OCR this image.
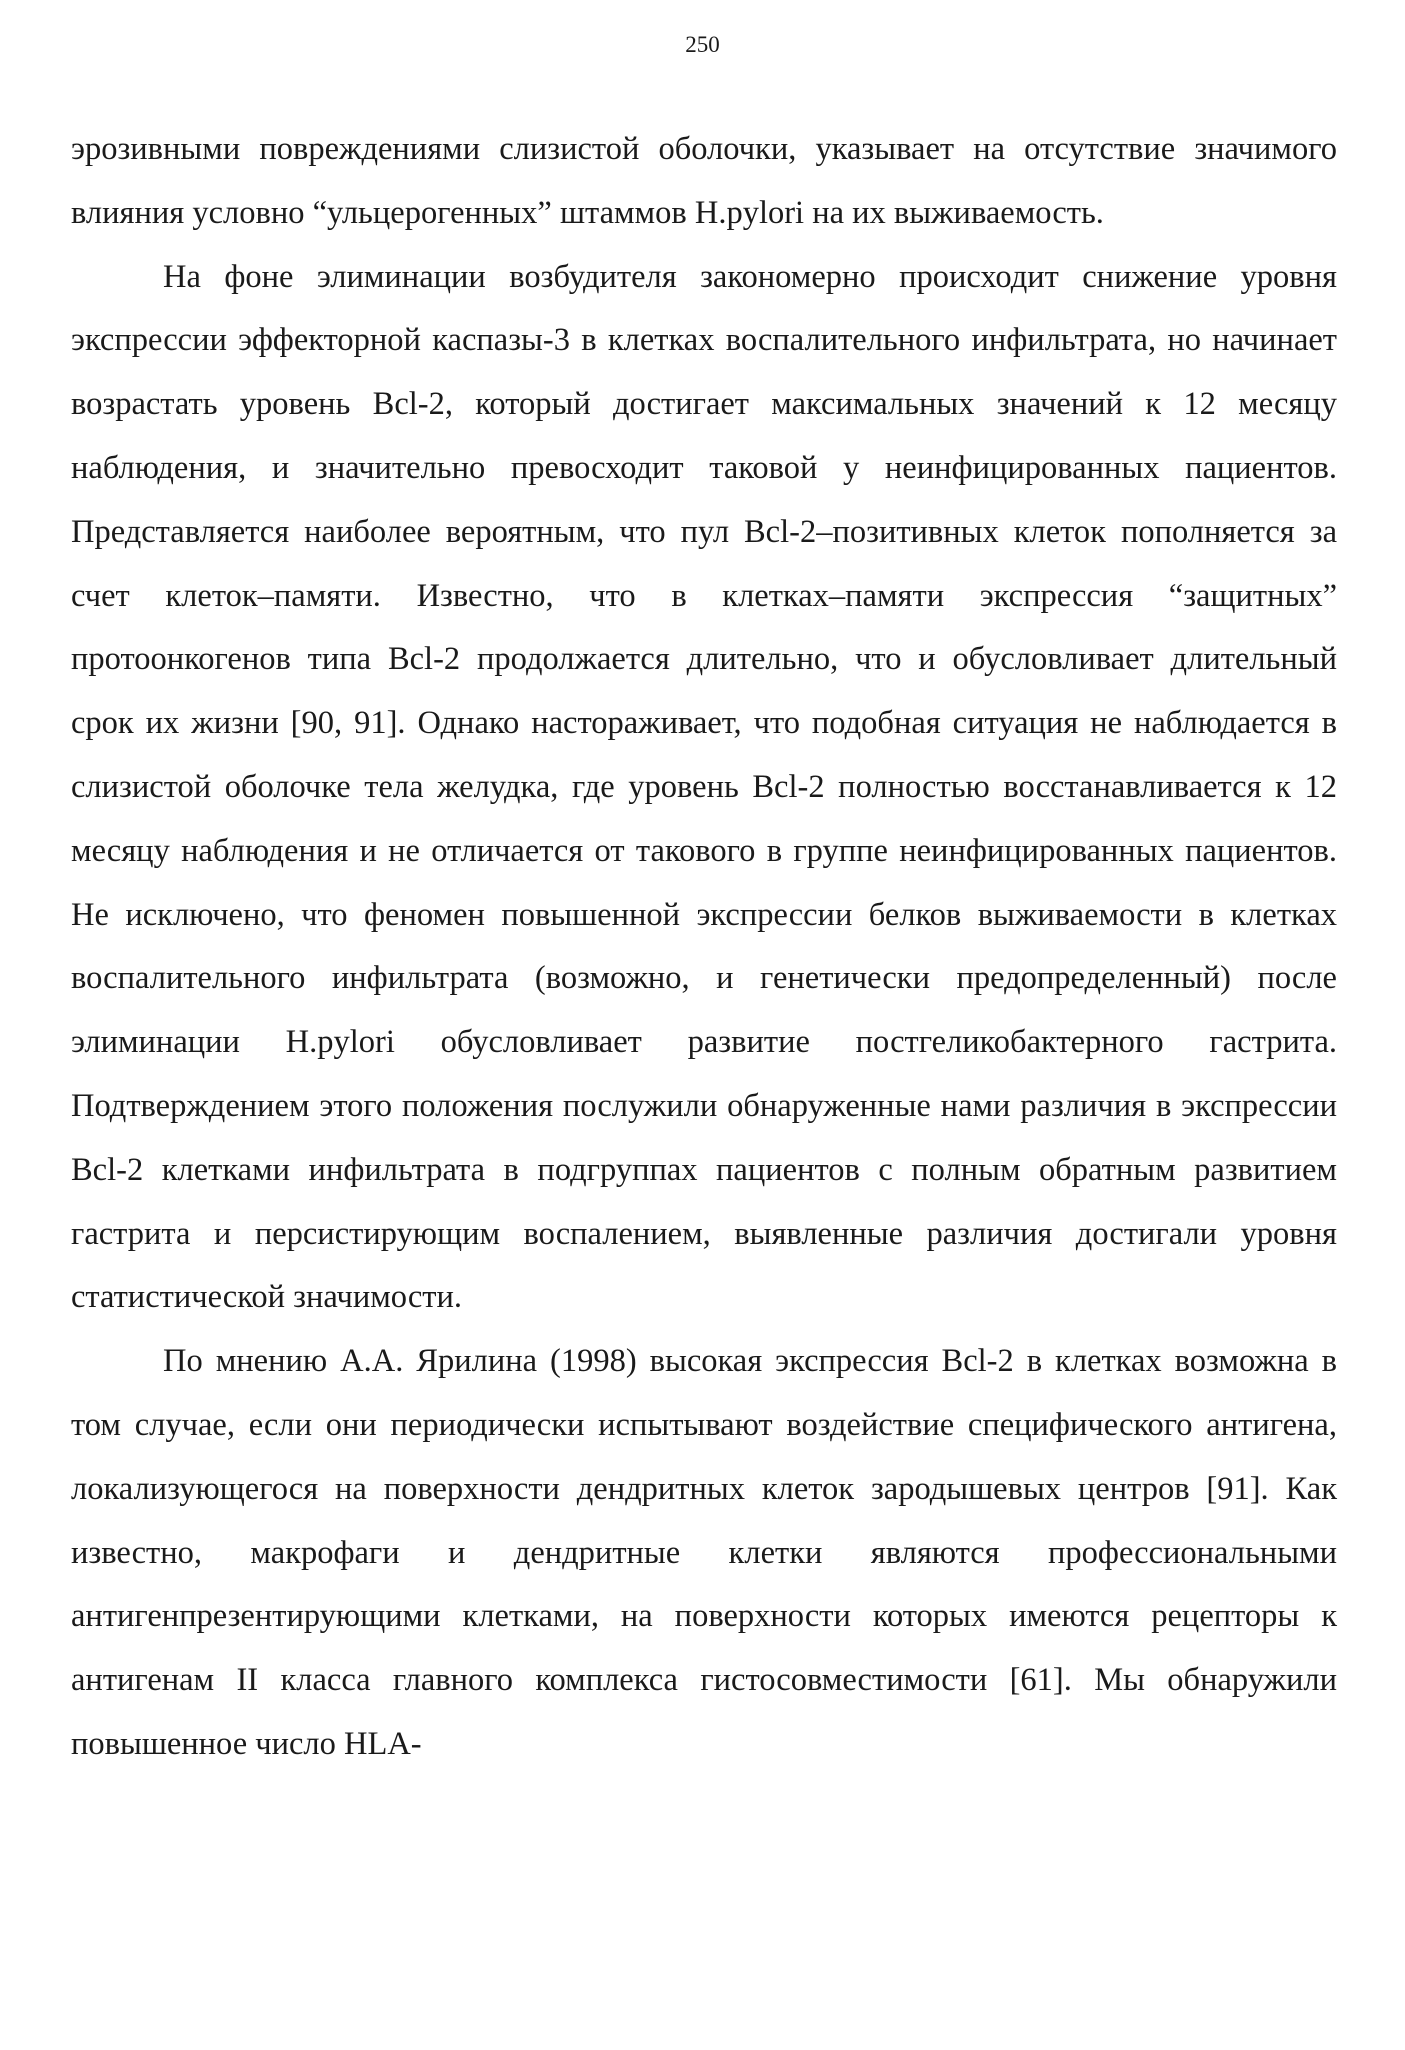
250

эрозивными повреждениями слизистой оболочки, указывает на отсутствие значимого влияния условно “ульцерогенных” штаммов H.pylori на их выживаемость.

На фоне элиминации возбудителя закономерно происходит снижение уровня экспрессии эффекторной каспазы-3 в клетках воспалительного инфильтрата, но начинает возрастать уровень Bcl-2, который достигает максимальных значений к 12 месяцу наблюдения, и значительно превосходит таковой у неинфицированных пациентов. Представляется наиболее вероятным, что пул Bcl-2–позитивных клеток пополняется за счет клеток–памяти. Известно, что в клетках–памяти экспрессия “защитных” протоонкогенов типа Bcl-2 продолжается длительно, что и обусловливает длительный срок их жизни [90, 91]. Однако настораживает, что подобная ситуация не наблюдается в слизистой оболочке тела желудка, где уровень Bcl-2 полностью восстанавливается к 12 месяцу наблюдения и не отличается от такового в группе неинфицированных пациентов. Не исключено, что феномен повышенной экспрессии белков выживаемости в клетках воспалительного инфильтрата (возможно, и генетически предопределенный) после элиминации H.pylori обусловливает развитие постгеликобактерного гастрита. Подтверждением этого положения послужили обнаруженные нами различия в экспрессии Bcl-2 клетками инфильтрата в подгруппах пациентов с полным обратным развитием гастрита и персистирующим воспалением, выявленные различия достигали уровня статистической значимости.

По мнению А.А. Ярилина (1998) высокая экспрессия Bcl-2 в клетках возможна в том случае, если они периодически испытывают воздействие специфического антигена, локализующегося на поверхности дендритных клеток зародышевых центров [91]. Как известно, макрофаги и дендритные клетки являются профессиональными антигенпрезентирующими клетками, на поверхности которых имеются рецепторы к антигенам II класса главного комплекса гистосовместимости [61]. Мы обнаружили повышенное число HLA-
